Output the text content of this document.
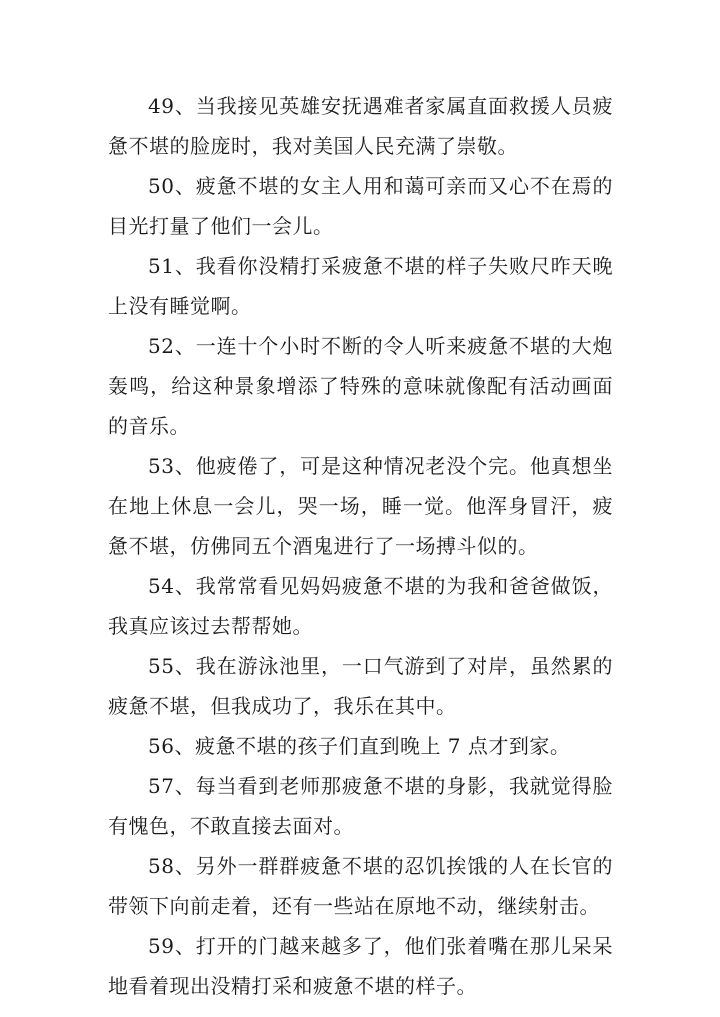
49、当我接见英雄安抚遇难者家属直面救援人员疲惫不堪的脸庞时，我对美国人民充满了崇敬。

50、疲惫不堪的女主人用和蔼可亲而又心不在焉的目光打量了他们一会儿。

51、我看你没精打采疲惫不堪的样子失败尺昨天晚上没有睡觉啊。

52、一连十个小时不断的令人听来疲惫不堪的大炮轰鸣，给这种景象增添了特殊的意味就像配有活动画面的音乐。

53、他疲倦了，可是这种情况老没个完。他真想坐在地上休息一会儿，哭一场，睡一觉。他浑身冒汗，疲惫不堪，仿佛同五个酒鬼进行了一场搏斗似的。

54、我常常看见妈妈疲惫不堪的为我和爸爸做饭，我真应该过去帮帮她。

55、我在游泳池里，一口气游到了对岸，虽然累的疲惫不堪，但我成功了，我乐在其中。

56、疲惫不堪的孩子们直到晚上 7 点才到家。

57、每当看到老师那疲惫不堪的身影，我就觉得脸有愧色，不敢直接去面对。

58、另外一群群疲惫不堪的忍饥挨饿的人在长官的带领下向前走着，还有一些站在原地不动，继续射击。

59、打开的门越来越多了，他们张着嘴在那儿呆呆地看着现出没精打采和疲惫不堪的样子。
